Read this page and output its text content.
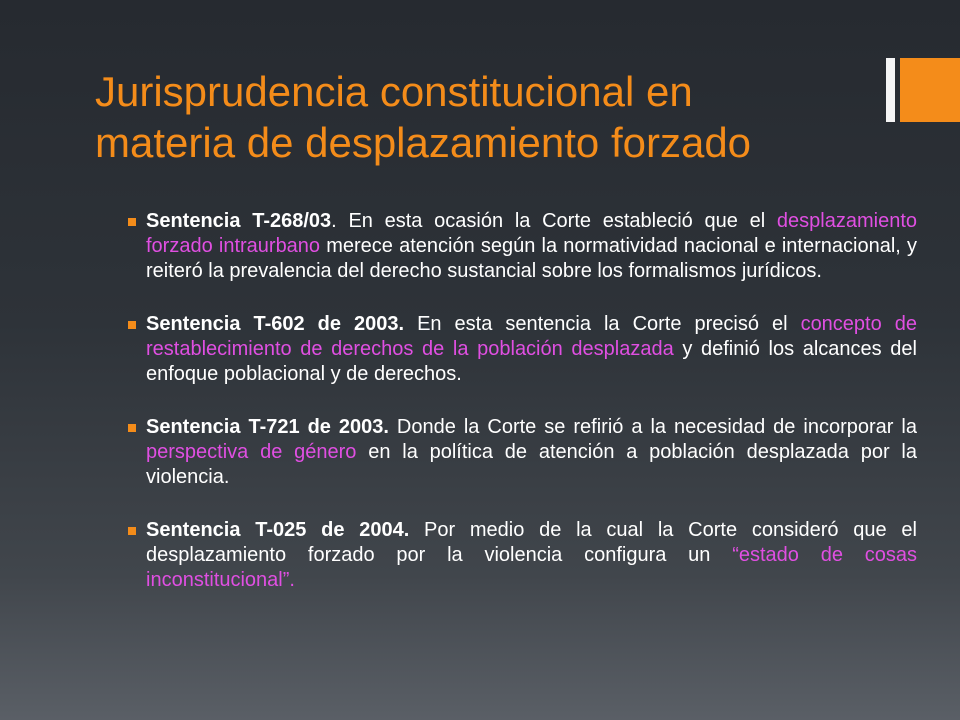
Jurisprudencia constitucional en
materia de desplazamiento forzado
Sentencia T-268/03. En esta ocasión la Corte estableció que el desplazamiento forzado intraurbano merece atención según la normatividad nacional e internacional, y reiteró la prevalencia del derecho sustancial sobre los formalismos jurídicos.
Sentencia T-602 de 2003. En esta sentencia la Corte precisó el concepto de restablecimiento de derechos de la población desplazada y definió los alcances del enfoque poblacional y de derechos.
Sentencia T-721 de 2003. Donde la Corte se refirió a la necesidad de incorporar la perspectiva de género en la política de atención a población desplazada por la violencia.
Sentencia T-025 de 2004. Por medio de la cual la Corte consideró que el desplazamiento forzado por la violencia configura un “estado de cosas inconstitucional”.
